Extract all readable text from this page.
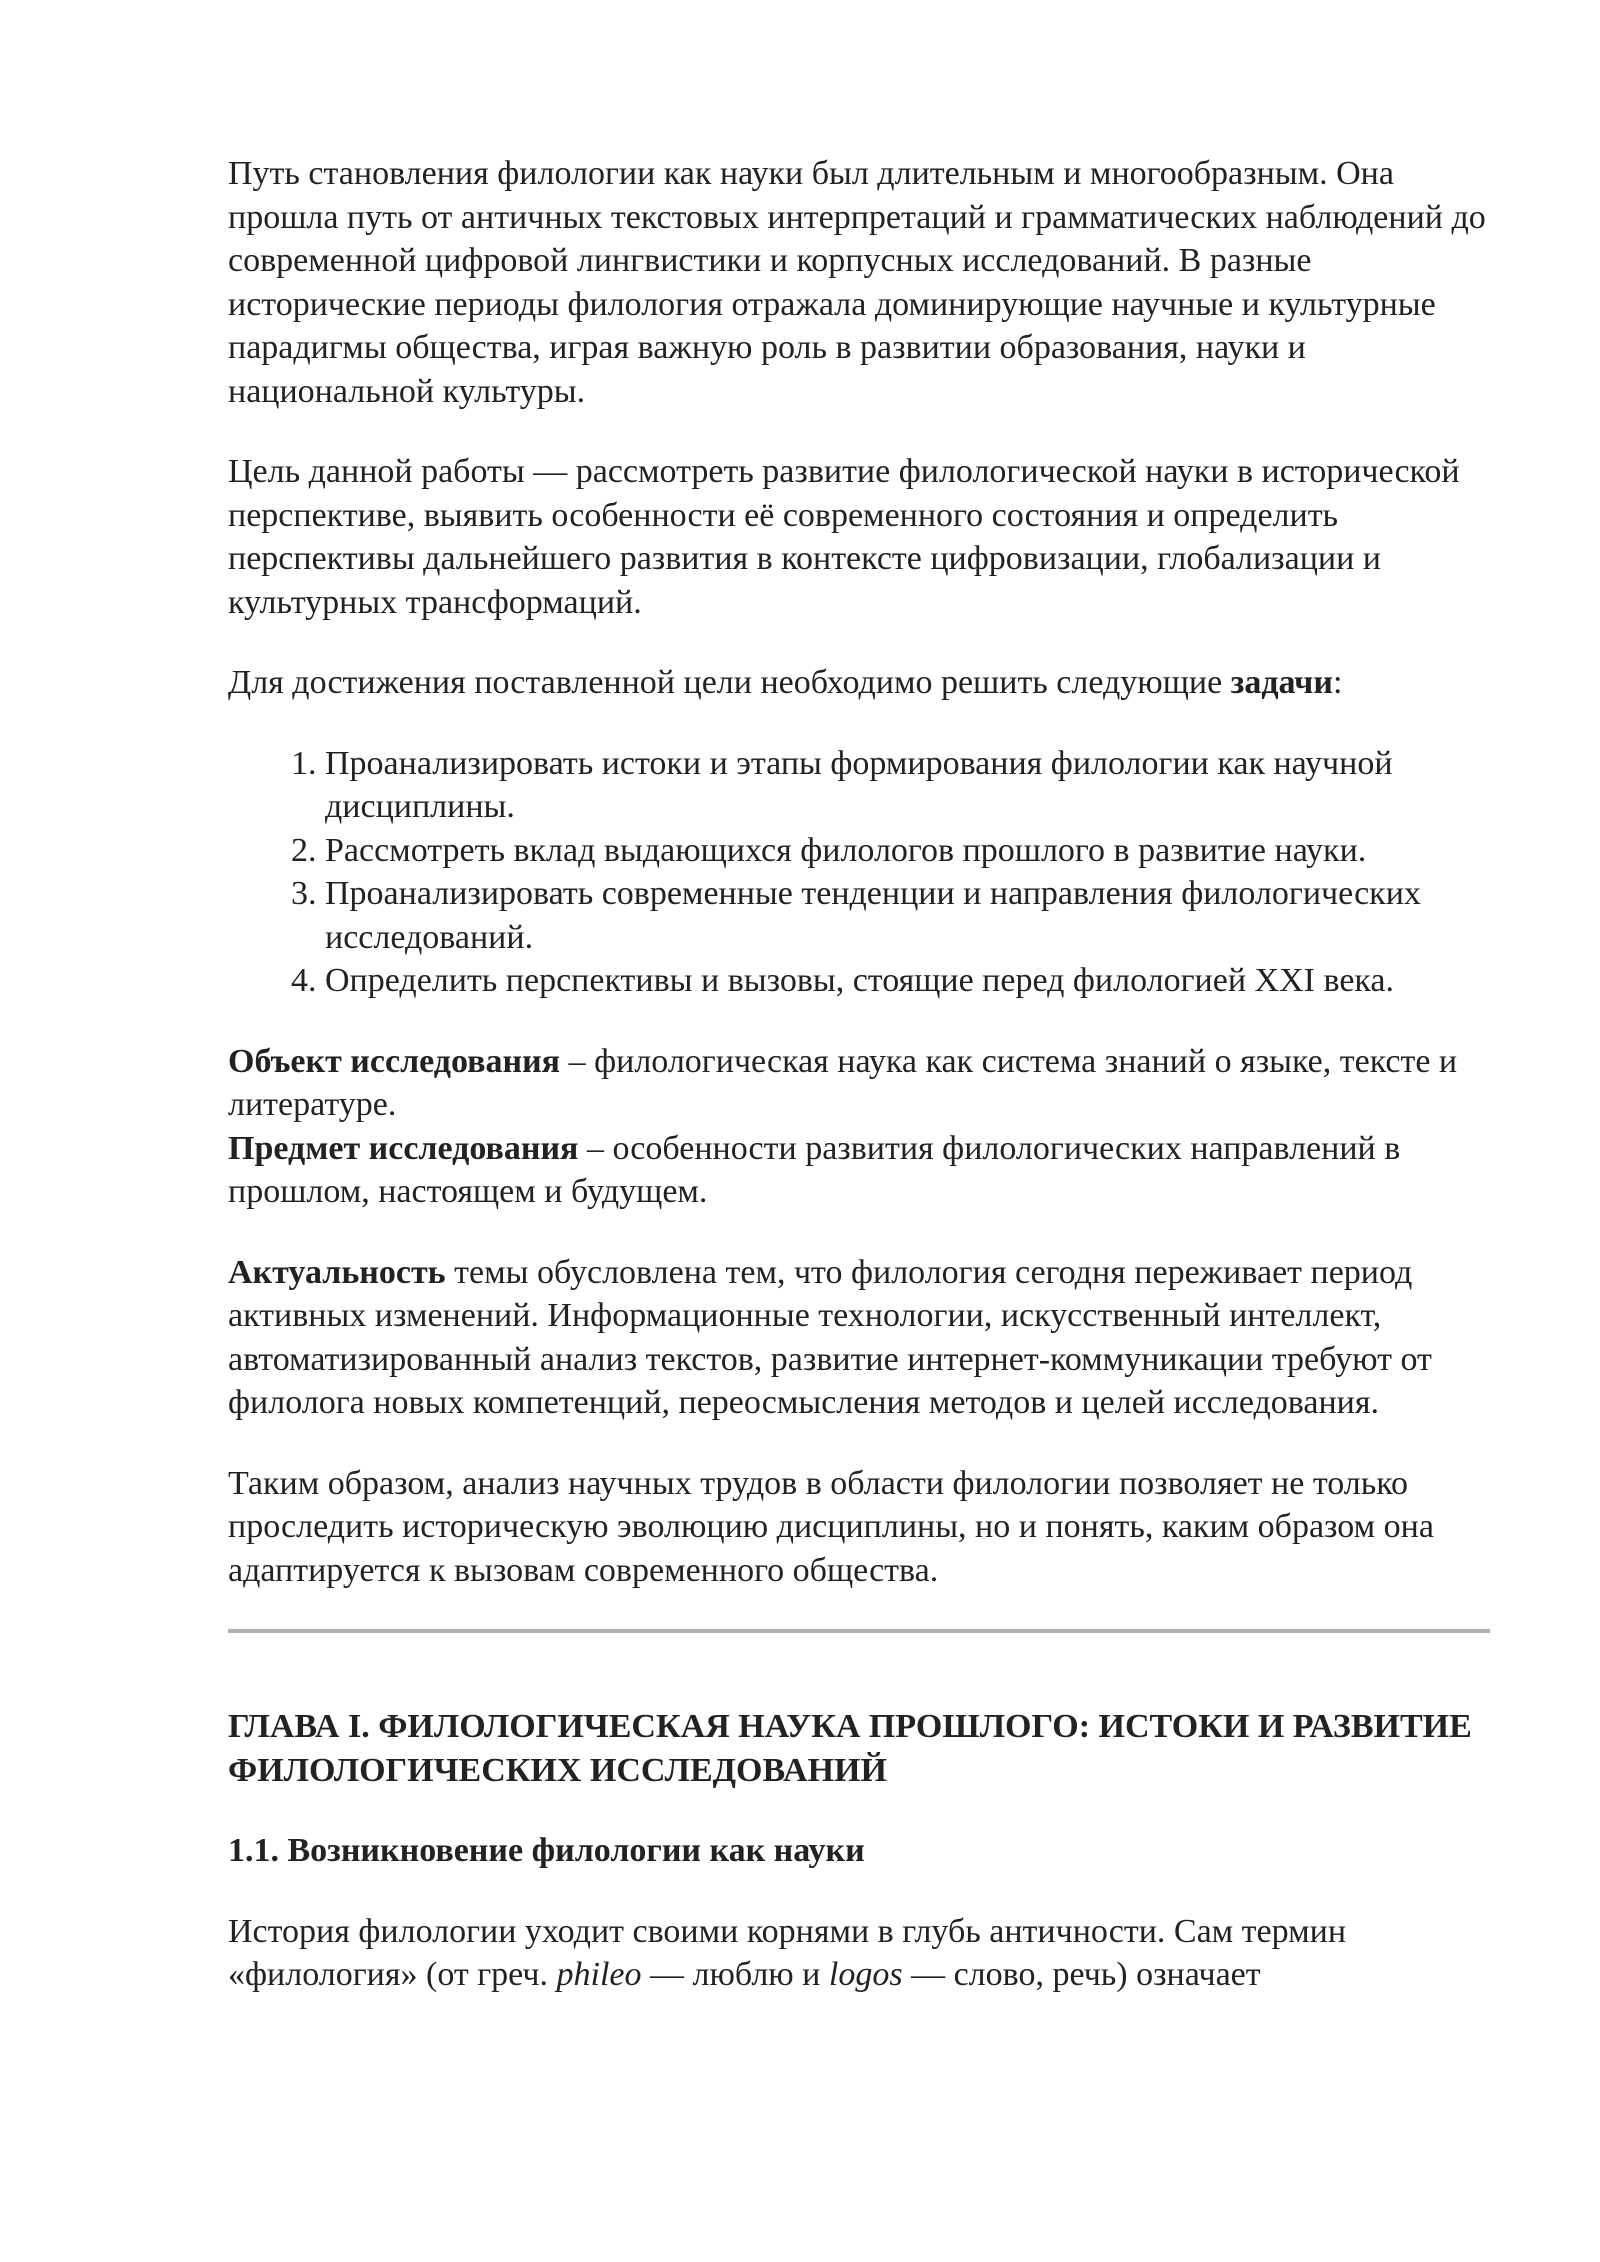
Путь становления филологии как науки был длительным и многообразным. Она прошла путь от античных текстовых интерпретаций и грамматических наблюдений до современной цифровой лингвистики и корпусных исследований. В разные исторические периоды филология отражала доминирующие научные и культурные парадигмы общества, играя важную роль в развитии образования, науки и национальной культуры.

Цель данной работы — рассмотреть развитие филологической науки в исторической перспективе, выявить особенности её современного состояния и определить перспективы дальнейшего развития в контексте цифровизации, глобализации и культурных трансформаций.

Для достижения поставленной цели необходимо решить следующие задачи:

1. Проанализировать истоки и этапы формирования филологии как научной дисциплины.
2. Рассмотреть вклад выдающихся филологов прошлого в развитие науки.
3. Проанализировать современные тенденции и направления филологических исследований.
4. Определить перспективы и вызовы, стоящие перед филологией XXI века.

Объект исследования – филологическая наука как система знаний о языке, тексте и литературе.

Предмет исследования – особенности развития филологических направлений в прошлом, настоящем и будущем.

Актуальность темы обусловлена тем, что филология сегодня переживает период активных изменений. Информационные технологии, искусственный интеллект, автоматизированный анализ текстов, развитие интернет-коммуникации требуют от филолога новых компетенций, переосмысления методов и целей исследования.

Таким образом, анализ научных трудов в области филологии позволяет не только проследить историческую эволюцию дисциплины, но и понять, каким образом она адаптируется к вызовам современного общества.

ГЛАВА I. ФИЛОЛОГИЧЕСКАЯ НАУКА ПРОШЛОГО: ИСТОКИ И РАЗВИТИЕ ФИЛОЛОГИЧЕСКИХ ИССЛЕДОВАНИЙ
1.1. Возникновение филологии как науки

История филологии уходит своими корнями в глубь античности. Сам термин «филология» (от греч. phileo — люблю и logos — слово, речь) означает
